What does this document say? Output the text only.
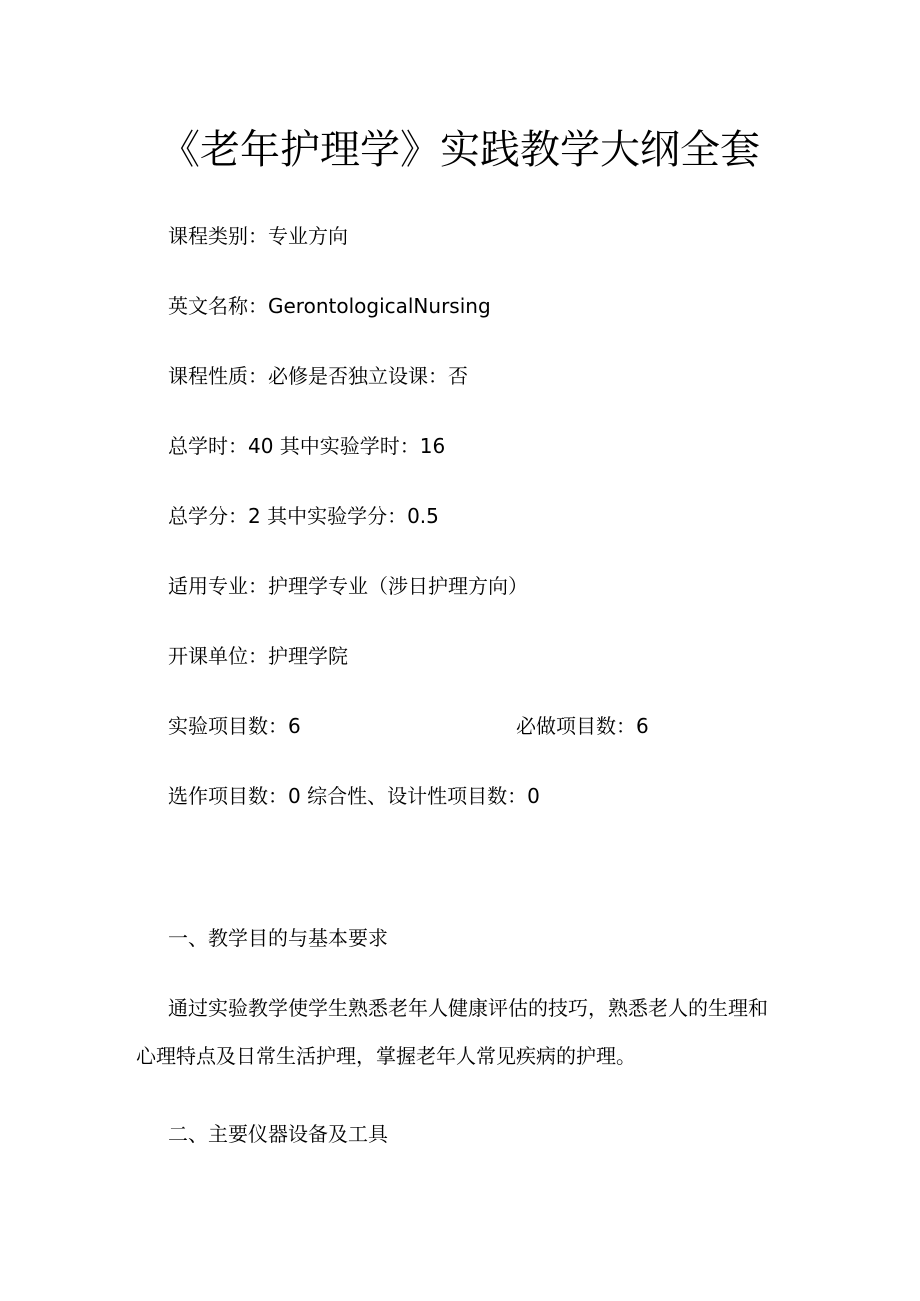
《老年护理学》实践教学大纲全套
课程类别：专业方向
英文名称：GerontologicalNursing
课程性质：必修是否独立设课：否
总学时：40 其中实验学时：16
总学分：2 其中实验学分：0.5
适用专业：护理学专业（涉日护理方向）
开课单位：护理学院
实验项目数：6	必做项目数：6
选作项目数：0 综合性、设计性项目数：0
一、教学目的与基本要求
通过实验教学使学生熟悉老年人健康评估的技巧，熟悉老人的生理和
心理特点及日常生活护理，掌握老年人常见疾病的护理。
二、主要仪器设备及工具
